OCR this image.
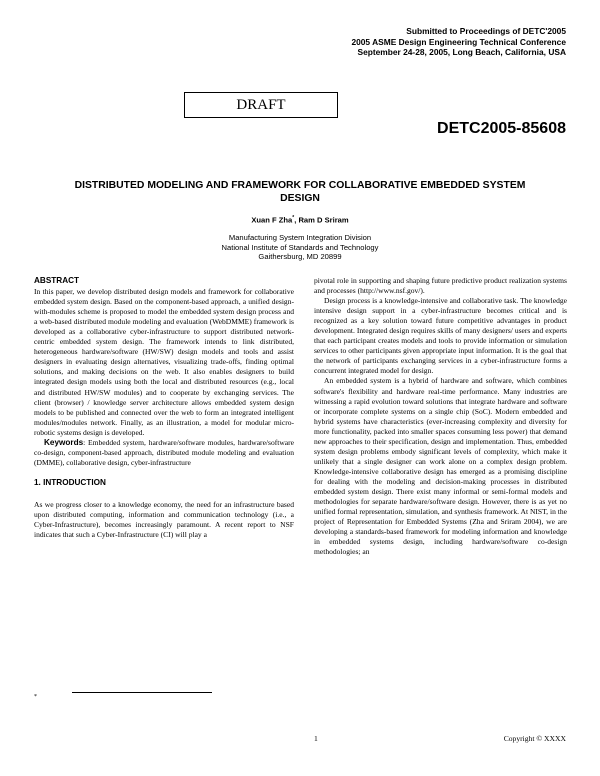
Submitted to Proceedings of DETC'2005
2005 ASME Design Engineering Technical Conference
September 24-28, 2005, Long Beach, California, USA
DRAFT
DETC2005-85608
DISTRIBUTED MODELING AND FRAMEWORK FOR COLLABORATIVE EMBEDDED SYSTEM DESIGN
Xuan F Zha*, Ram D Sriram
Manufacturing System Integration Division
National Institute of Standards and Technology
Gaithersburg, MD 20899
ABSTRACT

In this paper, we develop distributed design models and framework for collaborative embedded system design. Based on the component-based approach, a unified design-with-modules scheme is proposed to model the embedded system design process and a web-based distributed module modeling and evaluation (WebDMME) framework is developed as a collaborative cyber-infrastructure to support distributed network-centric embedded system design. The framework intends to link distributed, heterogeneous hardware/software (HW/SW) design models and tools and assist designers in evaluating design alternatives, visualizing trade-offs, finding optimal solutions, and making decisions on the web. It also enables designers to build integrated design models using both the local and distributed resources (e.g., local and distributed HW/SW modules) and to cooperate by exchanging services. The client (browser) / knowledge server architecture allows embedded system design models to be published and connected over the web to form an integrated intelligent modules/modules network. Finally, as an illustration, a model for modular micro-robotic systems design is developed.

Keywords: Embedded system, hardware/software modules, hardware/software co-design, component-based approach, distributed module modeling and evaluation (DMME), collaborative design, cyber-infrastructure

1. INTRODUCTION

As we progress closer to a knowledge economy, the need for an infrastructure based upon distributed computing, information and communication technology (i.e., a Cyber-Infrastructure), becomes increasingly paramount. A recent report to NSF indicates that such a Cyber-Infrastructure (CI) will play a

pivotal role in supporting and shaping future predictive product realization systems and processes (http://www.nsf.gov/).

Design process is a knowledge-intensive and collaborative task. The knowledge intensive design support in a cyber-infrastructure becomes critical and is recognized as a key solution toward future competitive advantages in product development. Integrated design requires skills of many designers/ users and experts that each participant creates models and tools to provide information or simulation services to other participants given appropriate input information. It is the goal that the network of participants exchanging services in a cyber-infrastructure forms a concurrent integrated model for design.

An embedded system is a hybrid of hardware and software, which combines software's flexibility and hardware real-time performance. Many industries are witnessing a rapid evolution toward solutions that integrate hardware and software or incorporate complete systems on a single chip (SoC). Modern embedded and hybrid systems have characteristics (ever-increasing complexity and diversity for more functionality, packed into smaller spaces consuming less power) that demand new approaches to their specification, design and implementation. Thus, embedded system design problems embody significant levels of complexity, which make it unlikely that a single designer can work alone on a complex design problem. Knowledge-intensive collaborative design has emerged as a promising discipline for dealing with the modeling and decision-making processes in distributed embedded system design. There exist many informal or semi-formal models and methodologies for separate hardware/software design. However, there is as yet no unified formal representation, simulation, and synthesis framework. At NIST, in the project of Representation for Embedded Systems (Zha and Sriram 2004), we are developing a standards-based framework for modeling information and knowledge in embedded systems design, including hardware/software co-design methodologies; an

*
1	Copyright © XXXX
